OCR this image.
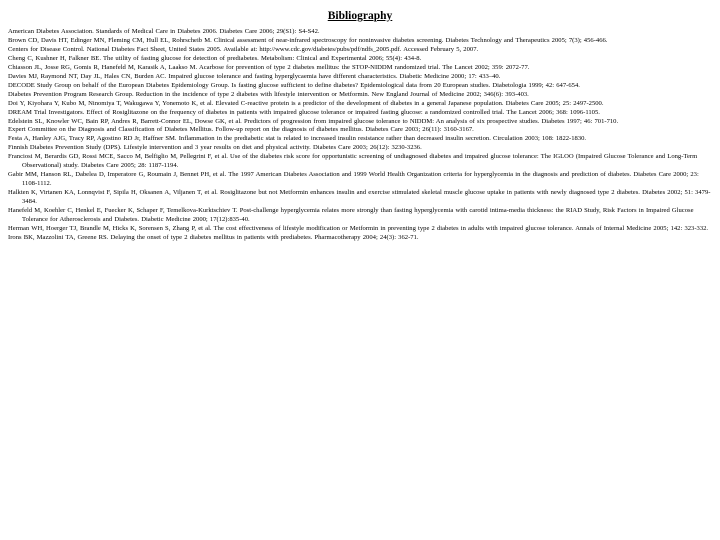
Bibliography
American Diabetes Association. Standards of Medical Care in Diabetes 2006. Diabetes Care 2006; 29(S1): S4-S42.
Brown CD, Davis HT, Edinger MN, Fleming CM, Hull EL, Rohrscheib M. Clinical assessment of near-infrared spectroscopy for noninvasive diabetes screening. Diabetes Technology and Therapeutics 2005; 7(3); 456-466.
Centers for Disease Control. National Diabetes Fact Sheet, United States 2005. Available at: http://www.cdc.gov/diabetes/pubs/pdf/ndfs_2005.pdf. Accessed February 5, 2007.
Cheng C, Kushner H, Falkner BE. The utility of fasting glucose for detection of prediabetes. Metabolism: Clinical and Experimental 2006; 55(4): 434-8.
Chiasson JL, Josse RG, Gomis R, Hanefeld M, Karasik A, Laakso M. Acarbose for prevention of type 2 diabetes mellitus: the STOP-NIDDM randomized trial. The Lancet 2002; 359: 2072-77.
Davies MJ, Raymond NT, Day JL, Hales CN, Burden AC. Impaired glucose tolerance and fasting hyperglycaemia have different characteristics. Diabetic Medicine 2000; 17: 433–40.
DECODE Study Group on behalf of the European Diabetes Epidemiology Group. Is fasting glucose sufficient to define diabetes? Epidemiological data from 20 European studies. Diabetologia 1999; 42: 647-654.
Diabetes Prevention Program Research Group. Reduction in the incidence of type 2 diabetes with lifestyle intervention or Metformin. New England Journal of Medicine 2002; 346(6): 393-403.
Doi Y, Kiyohara Y, Kubo M, Ninomiya T, Wakugawa Y, Yonemoto K, et al. Elevated C-reactive protein is a predictor of the development of diabetes in a general Japanese population. Diabetes Care 2005; 25: 2497-2500.
DREAM Trial Investigators. Effect of Rosiglitazone on the frequency of diabetes in patients with impaired glucose tolerance or impaired fasting glucose: a randomized controlled trial. The Lancet 2006; 368: 1096-1105.
Edelstein SL, Knowler WC, Bain RP, Andres R, Barrett-Connor EL, Dowse GK, et al. Predictors of progression from impaired glucose tolerance to NIDDM: An analysis of six prospective studies. Diabetes 1997; 46: 701-710.
Expert Committee on the Diagnosis and Classification of Diabetes Mellitus. Follow-up report on the diagnosis of diabetes mellitus. Diabetes Care 2003; 26(11): 3160-3167.
Festa A, Hanley AJG, Tracy RP, Agostino RD Jr, Haffner SM. Inflammation in the prediabetic stat is related to increased insulin resistance rather than decreased insulin secretion. Circulation 2003; 108: 1822-1830.
Finnish Diabetes Prevention Study (DPS). Lifestyle intervention and 3 year results on diet and physical activity. Diabetes Care 2003; 26(12): 3230-3236.
Franciosi M, Berardis GD, Rossi MCE, Sacco M, Belfiglio M, Pellegrini F, et al. Use of the diabetes risk score for opportunistic screening of undiagnosed diabetes and impaired glucose tolerance: The IGLOO (Impaired Glucose Tolerance and Long-Term Observational) study. Diabetes Care 2005; 28: 1187-1194.
Gabir MM, Hanson RL, Dabelea D, Imperatore G, Roumain J, Bennet PH, et al. The 1997 American Diabetes Association and 1999 World Health Organization criteria for hyperglycemia in the diagnosis and prediction of diabetes. Diabetes Care 2000; 23: 1108-1112.
Halkten K, Virtanen KA, Lonnqvist F, Sipila H, Oksanen A, Viljanen T, et al. Rosiglitazone but not Metformin enhances insulin and exercise stimulated skeletal muscle glucose uptake in patients with newly diagnosed type 2 diabetes. Diabetes 2002; 51: 3479-3484.
Hanefeld M, Koehler C, Henkel E, Fuecker K, Schaper F, Temelkova-Kurktschiev T. Post-challenge hyperglycemia relates more strongly than fasting hyperglycemia with carotid intima-media thickness: the RIAD Study, Risk Factors in Impaired Glucose Tolerance for Atherosclerosis and Diabetes. Diabetic Medicine 2000; 17(12):835-40.
Herman WH, Hoerger TJ, Brandle M, Hicks K, Sorensen S, Zhang P, et al. The cost effectiveness of lifestyle modification or Metformin in preventing type 2 diabetes in adults with impaired glucose tolerance. Annals of Internal Medicine 2005; 142: 323-332.
Irons BK, Mazzolini TA, Greene RS. Delaying the onset of type 2 diabetes mellitus in patients with prediabetes. Pharmacotherapy 2004; 24(3): 362-71.
